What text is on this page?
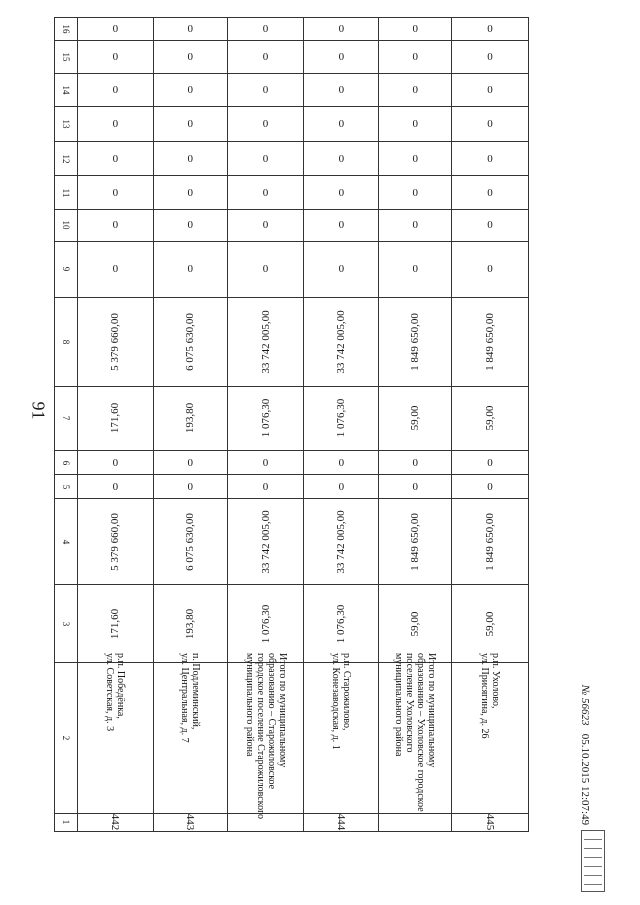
91
16	0	0	0	0	0	0

15	0	0	0	0	0	0

14	0	0	0	0	0	0

13	0	0	0	0	0	0

12	0	0	0	0	0	0

11	0	0	0	0	0	0

10	0	0	0	0	0	0

9	0	0	0	0	0	0

8	5 379 660,00	6 075 630,00	33 742 005,00	33 742 005,00	1 849 650,00	1 849 650,00

7	171,60	193,80	1 076,30	1 076,30	59,00	59,00

6	0	0	0	0	0	0

5	0	0	0	0	0	0

4	5 379 660,00	6 075 630,00	33 742 005,00	33 742 005,00	1 849 650,00	1 849 650,00

3	171,60	193,80	1 076,30	1 076,30	59,00	59,00

2	р.п. Победёнка,
ул. Советская, д. 3	п. Подлеминский,
ул. Центральная, д. 7	Итого по муниципальному образованию – Старожиловское городское поселение Старожиловского муниципального района	р.п. Старожилово,
ул. Конезаводская, д. 1	Итого по муниципальному образованию – Ухоловское городское поселение Ухоловского муниципального района	р.п. Ухолово,
ул. Присягина, д. 26

1	442	443		444		445
№ 56623   05.10.2015 12:07:49
